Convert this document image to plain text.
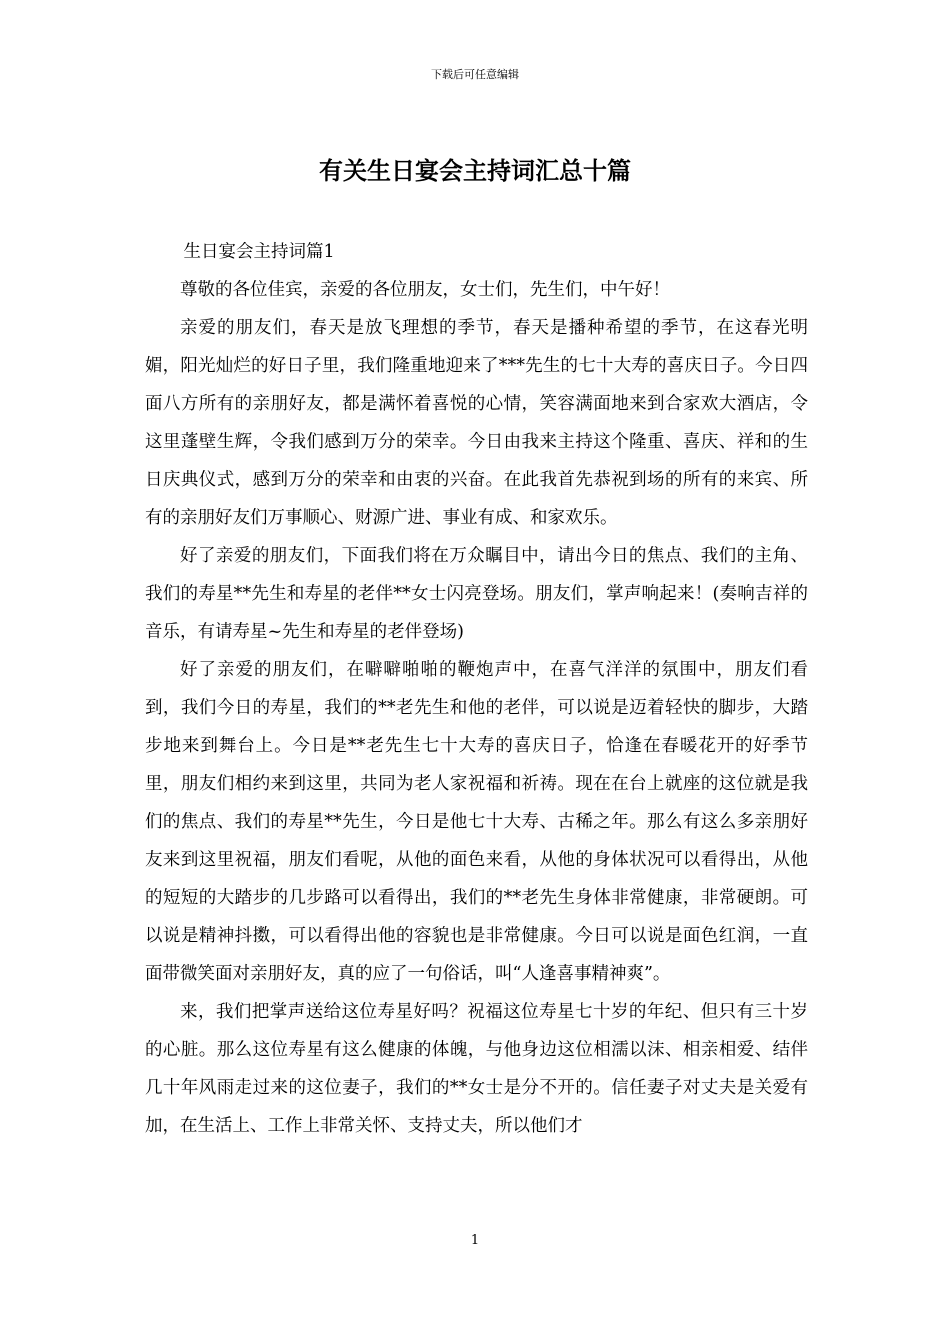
下载后可任意编辑
有关生日宴会主持词汇总十篇

生日宴会主持词篇1

尊敬的各位佳宾，亲爱的各位朋友，女士们，先生们，中午好！

亲爱的朋友们，春天是放飞理想的季节，春天是播种希望的季节，在这春光明媚，阳光灿烂的好日子里，我们隆重地迎来了***先生的七十大寿的喜庆日子。今日四面八方所有的亲朋好友，都是满怀着喜悦的心情，笑容满面地来到合家欢大酒店，令这里蓬壁生辉，令我们感到万分的荣幸。今日由我来主持这个隆重、喜庆、祥和的生日庆典仪式，感到万分的荣幸和由衷的兴奋。在此我首先恭祝到场的所有的来宾、所有的亲朋好友们万事顺心、财源广进、事业有成、和家欢乐。

好了亲爱的朋友们，下面我们将在万众瞩目中，请出今日的焦点、我们的主角、我们的寿星**先生和寿星的老伴**女士闪亮登场。朋友们，掌声响起来！(奏响吉祥的音乐，有请寿星~先生和寿星的老伴登场)

好了亲爱的朋友们，在噼噼啪啪的鞭炮声中，在喜气洋洋的氛围中，朋友们看到，我们今日的寿星，我们的**老先生和他的老伴，可以说是迈着轻快的脚步，大踏步地来到舞台上。今日是**老先生七十大寿的喜庆日子，恰逢在春暖花开的好季节里，朋友们相约来到这里，共同为老人家祝福和祈祷。现在在台上就座的这位就是我们的焦点、我们的寿星**先生，今日是他七十大寿、古稀之年。那么有这么多亲朋好友来到这里祝福，朋友们看呢，从他的面色来看，从他的身体状况可以看得出，从他的短短的大踏步的几步路可以看得出，我们的**老先生身体非常健康，非常硬朗。可以说是精神抖擞，可以看得出他的容貌也是非常健康。今日可以说是面色红润，一直面带微笑面对亲朋好友，真的应了一句俗话，叫“人逢喜事精神爽”。

来，我们把掌声送给这位寿星好吗？祝福这位寿星七十岁的年纪、但只有三十岁的心脏。那么这位寿星有这么健康的体魄，与他身边这位相濡以沫、相亲相爱、结伴几十年风雨走过来的这位妻子，我们的**女士是分不开的。信任妻子对丈夫是关爱有加，在生活上、工作上非常关怀、支持丈夫，所以他们才

1
